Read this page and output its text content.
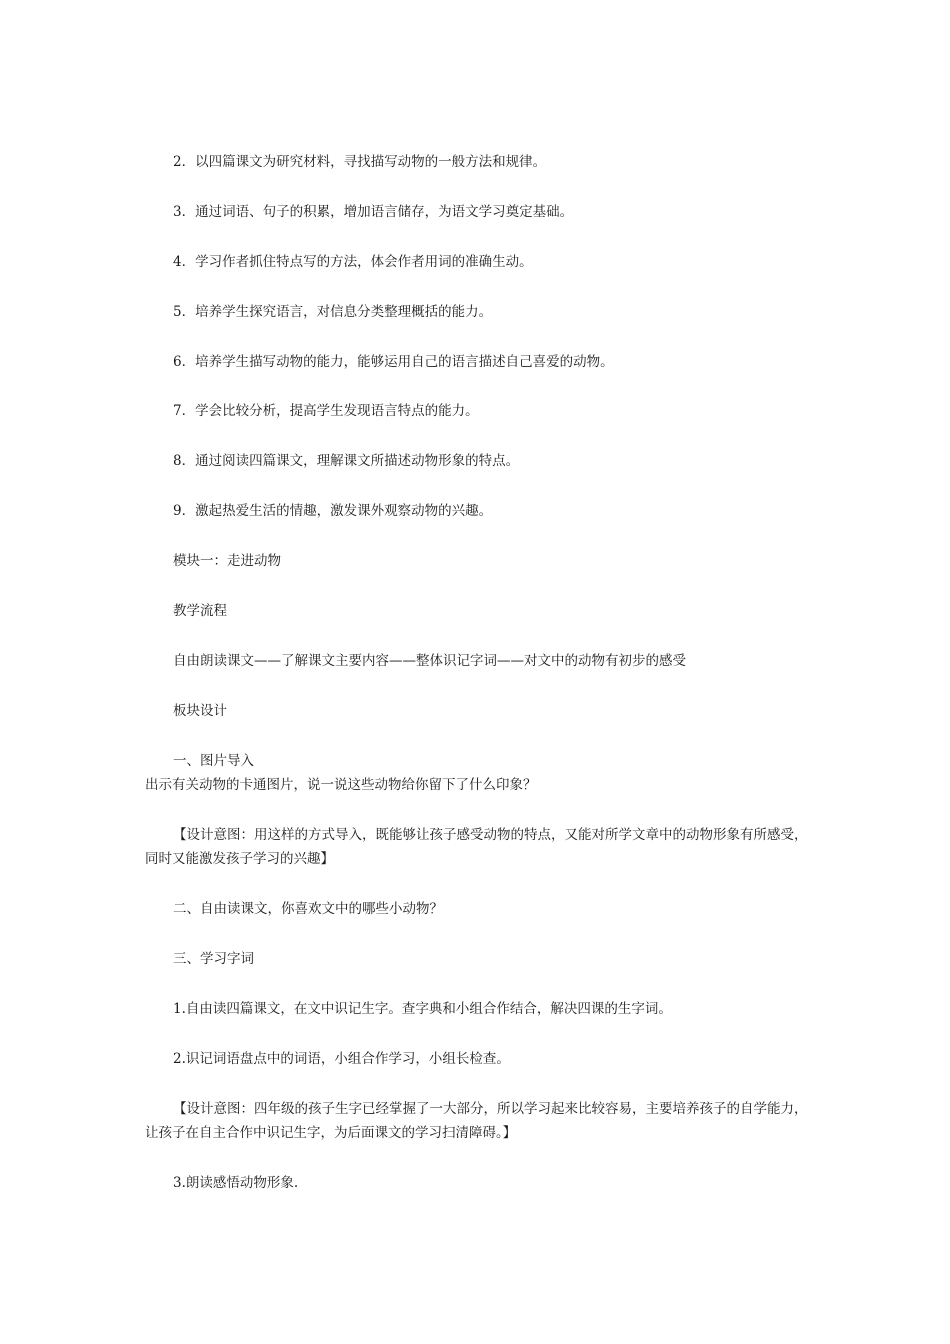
2．以四篇课文为研究材料，寻找描写动物的一般方法和规律。
3．通过词语、句子的积累，增加语言储存，为语文学习奠定基础。
4．学习作者抓住特点写的方法，体会作者用词的准确生动。
5．培养学生探究语言，对信息分类整理概括的能力。
6．培养学生描写动物的能力，能够运用自己的语言描述自己喜爱的动物。
7．学会比较分析，提高学生发现语言特点的能力。
8．通过阅读四篇课文，理解课文所描述动物形象的特点。
9．激起热爱生活的情趣，激发课外观察动物的兴趣。
模块一：走进动物
教学流程
自由朗读课文——了解课文主要内容——整体识记字词——对文中的动物有初步的感受
板块设计
一、图片导入
出示有关动物的卡通图片，说一说这些动物给你留下了什么印象？
【设计意图：用这样的方式导入，既能够让孩子感受动物的特点，又能对所学文章中的动物形象有所感受，同时又能激发孩子学习的兴趣】
二、自由读课文，你喜欢文中的哪些小动物？
三、学习字词
1.自由读四篇课文，在文中识记生字。查字典和小组合作结合，解决四课的生字词。
2.识记词语盘点中的词语，小组合作学习，小组长检查。
【设计意图：四年级的孩子生字已经掌握了一大部分，所以学习起来比较容易，主要培养孩子的自学能力，让孩子在自主合作中识记生字，为后面课文的学习扫清障碍。】
3.朗读感悟动物形象.
